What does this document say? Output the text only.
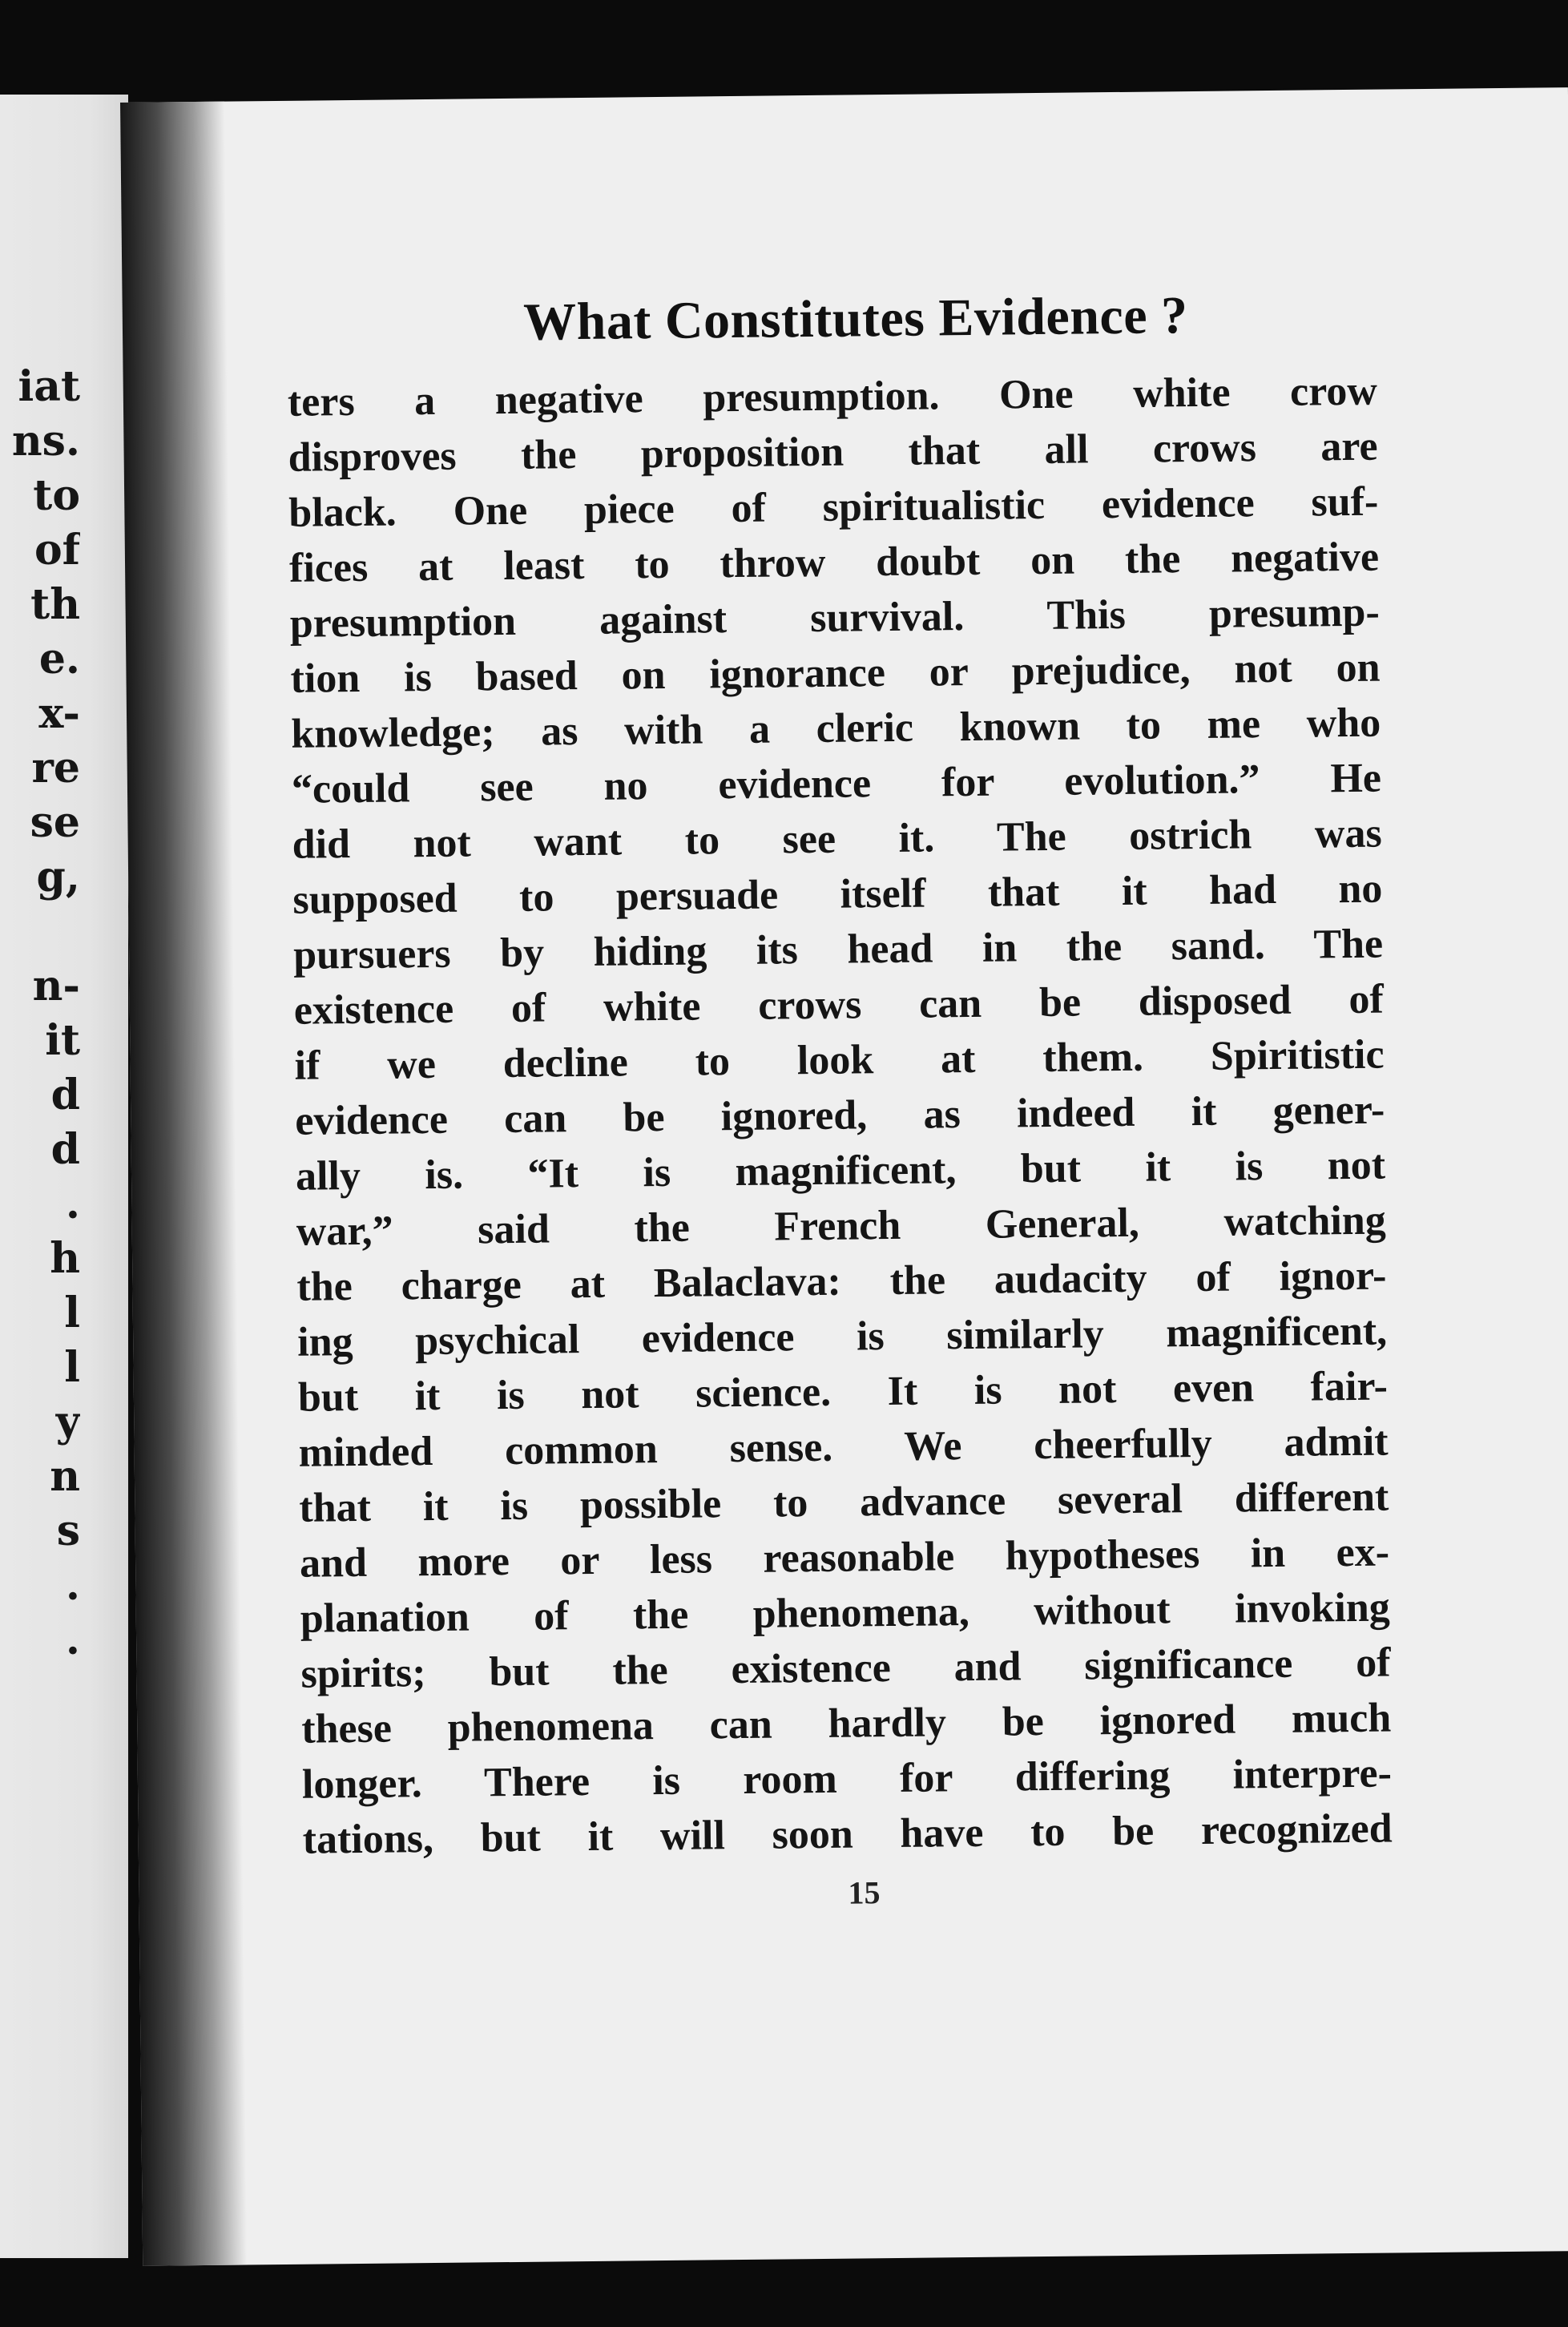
iat
ns.
to
of
th
e.
x-
re
se
g,
n-
it
d
d
.
h
l
l
y
n
s
.
.
What Constitutes Evidence ?

ters a negative presumption. One white crow
disproves the proposition that all crows are
black. One piece of spiritualistic evidence suf-
fices at least to throw doubt on the negative
presumption against survival. This presump-
tion is based on ignorance or prejudice, not on
knowledge; as with a cleric known to me who
“could see no evidence for evolution.” He
did not want to see it. The ostrich was
supposed to persuade itself that it had no
pursuers by hiding its head in the sand. The
existence of white crows can be disposed of
if we decline to look at them. Spiritistic
evidence can be ignored, as indeed it gener-
ally is. “It is magnificent, but it is not
war,” said the French General, watching
the charge at Balaclava: the audacity of ignor-
ing psychical evidence is similarly magnificent,
but it is not science. It is not even fair-
minded common sense. We cheerfully admit
that it is possible to advance several different
and more or less reasonable hypotheses in ex-
planation of the phenomena, without invoking
spirits; but the existence and significance of
these phenomena can hardly be ignored much
longer. There is room for differing interpre-
tations, but it will soon have to be recognized

15
